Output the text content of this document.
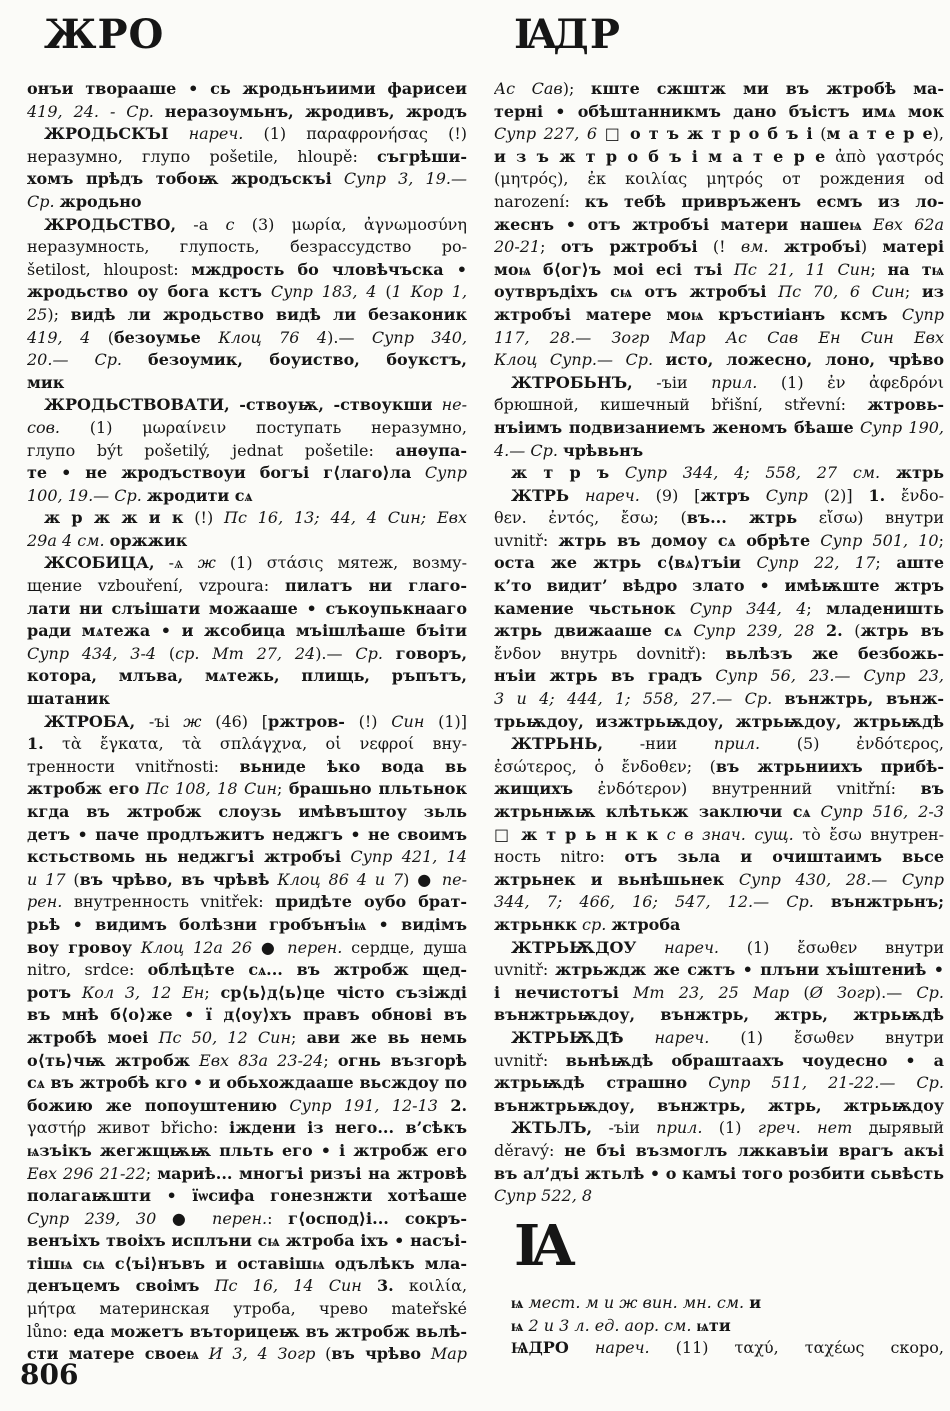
ЖРО	ІАДР
онъи творааше • сь жродьнъиими фарисеи
419, 24. - Ср. неразоумьнъ, жродивъ, жродъ
ЖРОДЬСКЪІ нареч. (1) παραφρονήσας (!)
неразумно, глупо pošetile, hloupě: съгрѣши-
хомъ прѣдъ тобоѭ жродъскъі Супр 3, 19.—
Ср. жродьно
ЖРОДЬСТВО, -а с (3) μωρία, ἀγνωμοσύνη
неразумность, глупость, безрассудство po-
šetilost, hloupost: мждрость бо чловѣчъска •
жродьство оу бога кстъ Супр 183, 4 (1 Кор 1,
25); видѣ ли жродьство видѣ ли безаконик
419, 4 (безоумье Клоц 76 4).— Супр 340,
20.— Ср. безоумик, боуиство, боукстъ,
мик
ЖРОДЬСТВОВАТИ, -ствоуѭ, -ствоукши не-
сов. (1) μωραίνειν поступать неразумно,
глупо být pošetilý, jednat pošetile: анѳупа-
те • не жродъствоуи богъі г⟨лаго⟩ла Супр
100, 19.— Ср. жродити сѧ
ж р ж ж и к (!) Пс 16, 13; 44, 4 Син; Евх
29а 4 см. оржжик
ЖСОБИЦА, -ѧ ж (1) στάσις мятеж, возму-
щение vzbouření, vzpoura: пилатъ ни глаго-
лати ни слъішати можааше • съкоупькнааго
ради мѧтежа • и жсобица мъішлѣаше бъіти
Супр 434, 3-4 (ср. Мт 27, 24).— Ср. говоръ,
котора, млъва, мѧтежь, плищь, ръпътъ,
шатаник
ЖТРОБА, -ъі ж (46) [ржтров- (!) Син (1)]
1. τὰ ἔγκατα, τὰ σπλάγχνα, οἱ νεφροί вну-
тренности vnitřnosti: вьниде ѣко вода вь
жтробж его Пс 108, 18 Син; брашьно пльтьнок
кгда въ жтробж слоузь имѣвъштоу зьль
детъ • паче продлъжитъ неджгъ • не своимъ
кстьствомь нь неджгъі жтробъі Супр 421, 14
и 17 (въ чрѣво, въ чрѣвѣ Клоц 86 4 и 7) ● пе-
рен. внутренность vnitřek: придѣте оубо брат-
рьѣ • видимъ болѣзни гробънъіѩ • видімъ
воу гровоу Клоц 12а 26 ● перен. сердце, душа
nitro, srdce: облѣцѣте сѧ... въ жтробж щед-
ротъ Кол 3, 12 Ен; ср⟨ь⟩д⟨ь⟩це чісто съзіжді
въ мнѣ б⟨о⟩же • ї д⟨оу⟩хъ правъ обнові въ
жтробѣ моеі Пс 50, 12 Син; ави же вь немь
о⟨ть⟩чѭ жтробж Евх 83а 23-24; огнь възгорѣ
сѧ въ жтробѣ кго • и обьхождааше вьсждоу по
божию же попоуштению Супр 191, 12-13 2.
γαστήρ живот břicho: іждени із него... в’сѣкъ
ѩзъікъ жегжщѭѭ пльть его • і жтробж его
Евх 296 21-22; мариѣ... многъі ризъі на жтровѣ
полагаѭшти • їѡсифа гонезнжти хотѣаше
Супр 239, 30 ● перен.: г⟨оспод⟩і... сокръ-
венъіхъ твоіхъ исплъни сѩ жтроба іхъ • насъі-
тішѩ сѩ с⟨ъі⟩нъвъ и оставішѩ одълѣкъ мла-
денъцемъ своімъ Пс 16, 14 Син 3. κοιλία,
μήτρα материнская утроба, чрево mateřské
lůno: еда можетъ въторицеѭ въ жтробж вьлѣ-
сти матере своеѩ И 3, 4 Зогр (въ чрѣво Мар
Ас Сав); кште сжштж ми въ жтробѣ ма-
терні • обѣштанникмъ дано бъістъ имѧ мок
Супр 227, 6 □ о т ъ ж т р о б ъ і (м а т е р е),
и з ъ ж т р о б ъ і м а т е р е ἀπὸ γαστρός
(μητρός), ἐκ κοιλίας μητρός от рождения od
narození: къ тебѣ привръженъ есмъ из ло-
жеснъ • отъ жтробъі матери нашеѩ Евх 62а
20-21; отъ ржтробъі (! вм. жтробъі) матері
моѩ б⟨ог⟩ъ моі есі тъі Пс 21, 11 Син; на тѩ
оутвръдіхъ сѩ отъ жтробъі Пс 70, 6 Син; из
жтробъі матере моѩ кръстиіанъ ксмъ Супр
117, 28.— Зогр Мар Ас Сав Ен Син Евх
Клоц Супр.— Ср. исто, ложесно, лоно, чрѣво
ЖТРОБЬНЪ, -ъіи прил. (1) ἐν ἀφεδρόνι
брюшной, кишечный břišní, střevní: жтровь-
нъіимъ подвизаниемъ женомъ бѣаше Супр 190,
4.— Ср. чрѣвьнъ
ж т р ъ Супр 344, 4; 558, 27 см. жтрь
ЖТРЬ нареч. (9) [жтръ Супр (2)] 1. ἔνδο-
θεν. ἐντός, ἔσω; (въ... жтрь εἴσω) внутри
uvnitř: жтрь въ домоу сѧ обрѣте Супр 501, 10;
оста же жтрь с⟨вѧ⟩тъіи Супр 22, 17; аште
к’то видит’ вѣдро злато • имѣѭште жтръ
камение чьстьнок Супр 344, 4; младеништь
жтрь движааше сѧ Супр 239, 28 2. (жтрь въ
ἔνδον внутрь dovnitř): вьлѣзъ же безбожь-
нъіи жтрь въ градъ Супр 56, 23.— Супр 23,
3 и 4; 444, 1; 558, 27.— Ср. вънжтрь, вънж-
трьѭдоу, изжтрьѭдоу, жтрьѭдоу, жтрьѭдѣ
ЖТРЬНЬ, -нии прил. (5) ἐνδότερος,
ἐσώτερος, ὁ ἔνδοθεν; (въ жтрьниихъ прибѣ-
жищихъ ἐνδότερον) внутренний vnitřní: въ
жтрьнѭѭ клѣтькж заключи сѧ Супр 516, 2-3
□ ж т р ь н к к с в знач. сущ. τὸ ἔσω внутрен-
ность nitro: отъ зьла и очиштаимъ вьсе
жтрьнек и вьнѣшьнек Супр 430, 28.— Супр
344, 7; 466, 16; 547, 12.— Ср. вънжтрьнъ;
жтрьнкк ср. жтроба
ЖТРЬѬДОУ нареч. (1) ἔσωθεν внутри
uvnitř: жтрьждж же сжтъ • плъни хъіштениѣ •
і нечистотъі Мт 23, 25 Мар (Ø Зогр).— Ср.
вънжтрьѭдоу, вънжтрь, жтрь, жтрьѭдѣ
ЖТРЬѬДѢ нареч. (1) ἔσωθεν внутри
uvnitř: вьнѣѭдѣ обраштаахъ чоудесно • а
жтрьѭдѣ страшно Супр 511, 21-22.— Ср.
вънжтрьѭдоу, вънжтрь, жтрь, жтрьѭдоу
ЖТЬЛЪ, -ъіи прил. (1) греч. нет дырявый
děravý: не бъі възмоглъ лжкавъіи врагъ акъі
въ ал’дъі жтьлѣ • о камъі того розбити сьвѣсть
Супр 522, 8
ІА
ѩ мест. м и ж вин. мн. см. и
ѩ 2 и 3 л. ед. аор. см. ѩти
ѨДРО нареч. (11) ταχύ, ταχέως скоро,
806
